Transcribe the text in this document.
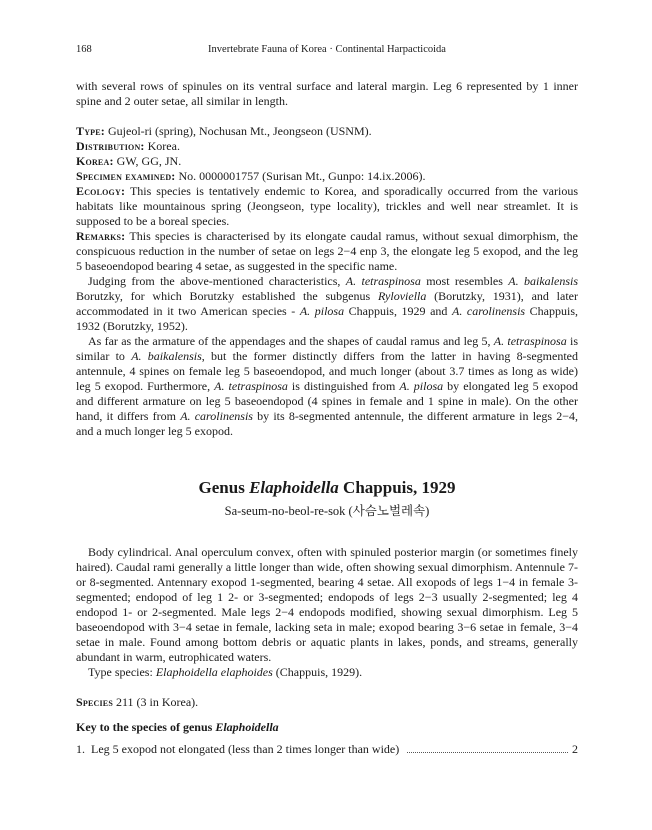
168	Invertebrate Fauna of Korea · Continental Harpacticoida

with several rows of spinules on its ventral surface and lateral margin. Leg 6 represented by 1 inner spine and 2 outer setae, all similar in length.

Type: Gujeol-ri (spring), Nochusan Mt., Jeongseon (USNM).

Distribution: Korea.

Korea: GW, GG, JN.

Specimen examined: No. 0000001757 (Surisan Mt., Gunpo: 14.ix.2006).

Ecology: This species is tentatively endemic to Korea, and sporadically occurred from the various habitats like mountainous spring (Jeongseon, type locality), trickles and well near streamlet. It is supposed to be a boreal species.

Remarks: This species is characterised by its elongate caudal ramus, without sexual dimorphism, the conspicuous reduction in the number of setae on legs 2−4 enp 3, the elongate leg 5 exopod, and the leg 5 baseoendopod bearing 4 setae, as suggested in the specific name.

Judging from the above-mentioned characteristics, A. tetraspinosa most resembles A. baikalensis Borutzky, for which Borutzky established the subgenus Ryloviella (Borutzky, 1931), and later accommodated in it two American species - A. pilosa Chappuis, 1929 and A. carolinensis Chappuis, 1932 (Borutzky, 1952).

As far as the armature of the appendages and the shapes of caudal ramus and leg 5, A. tetraspinosa is similar to A. baikalensis, but the former distinctly differs from the latter in having 8-segmented antennule, 4 spines on female leg 5 baseoendopod, and much longer (about 3.7 times as long as wide) leg 5 exopod. Furthermore, A. tetraspinosa is distinguished from A. pilosa by elongated leg 5 exopod and different armature on leg 5 baseoendopod (4 spines in female and 1 spine in male). On the other hand, it differs from A. carolinensis by its 8-segmented antennule, the different armature in legs 2−4, and a much longer leg 5 exopod.

Genus Elaphoidella Chappuis, 1929
Sa-seum-no-beol-re-sok (사슴노벌레속)

Body cylindrical. Anal operculum convex, often with spinuled posterior margin (or sometimes finely haired). Caudal rami generally a little longer than wide, often showing sexual dimorphism. Antennule 7- or 8-segmented. Antennary exopod 1-segmented, bearing 4 setae. All exopods of legs 1−4 in female 3-segmented; endopod of leg 1 2- or 3-segmented; endopods of legs 2−3 usually 2-segmented; leg 4 endopod 1- or 2-segmented. Male legs 2−4 endopods modified, showing sexual dimorphism. Leg 5 baseoendopod with 3−4 setae in female, lacking seta in male; exopod bearing 3−6 setae in female, 3−4 setae in male. Found among bottom debris or aquatic plants in lakes, ponds, and streams, generally abundant in warm, eutrophicated waters.

Type species: Elaphoidella elaphoides (Chappuis, 1929).

Species 211 (3 in Korea).

Key to the species of genus Elaphoidella
1. Leg 5 exopod not elongated (less than 2 times longer than wide)	2
